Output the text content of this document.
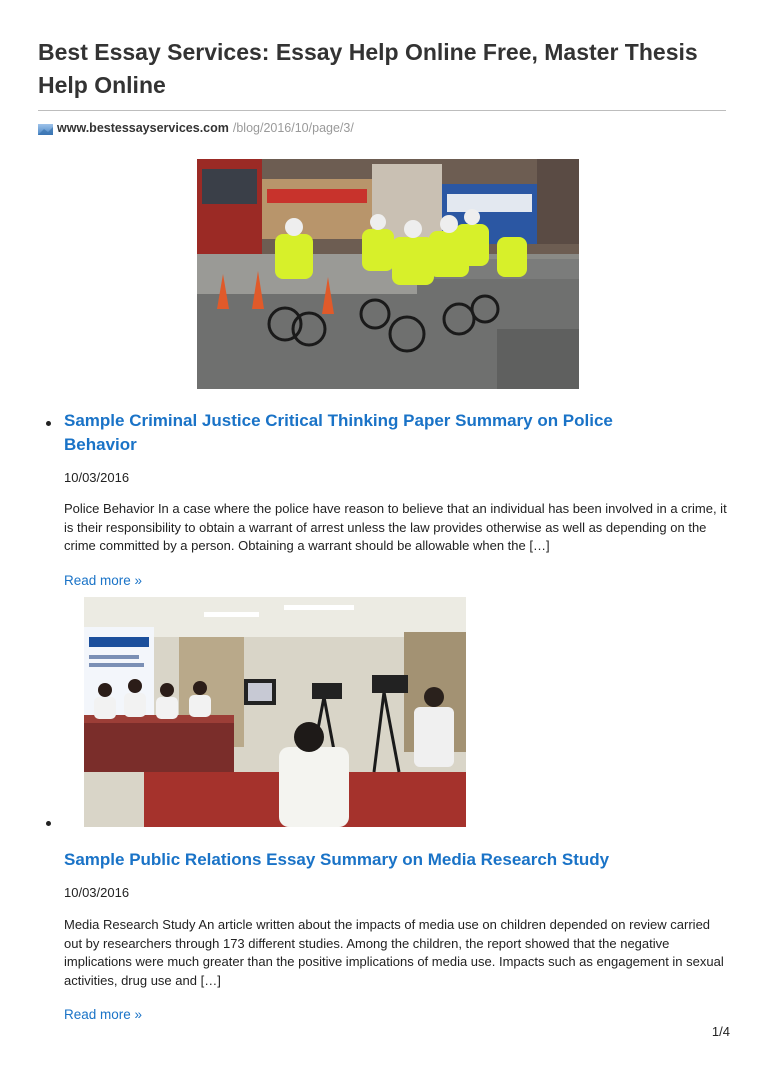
Best Essay Services: Essay Help Online Free, Master Thesis Help Online
www.bestessayservices.com /blog/2016/10/page/3/
Sample Criminal Justice Critical Thinking Paper Summary on Police Behavior
10/03/2016

Police Behavior In a case where the police have reason to believe that an individual has been involved in a crime, it is their responsibility to obtain a warrant of arrest unless the law provides otherwise as well as depending on the crime committed by a person. Obtaining a warrant should be allowable when the […]

Read more »
Sample Public Relations Essay Summary on Media Research Study
10/03/2016

Media Research Study An article written about the impacts of media use on children depended on review carried out by researchers through 173 different studies. Among the children, the report showed that the negative implications were much greater than the positive implications of media use. Impacts such as engagement in sexual activities, drug use and […]

Read more »
1/4
